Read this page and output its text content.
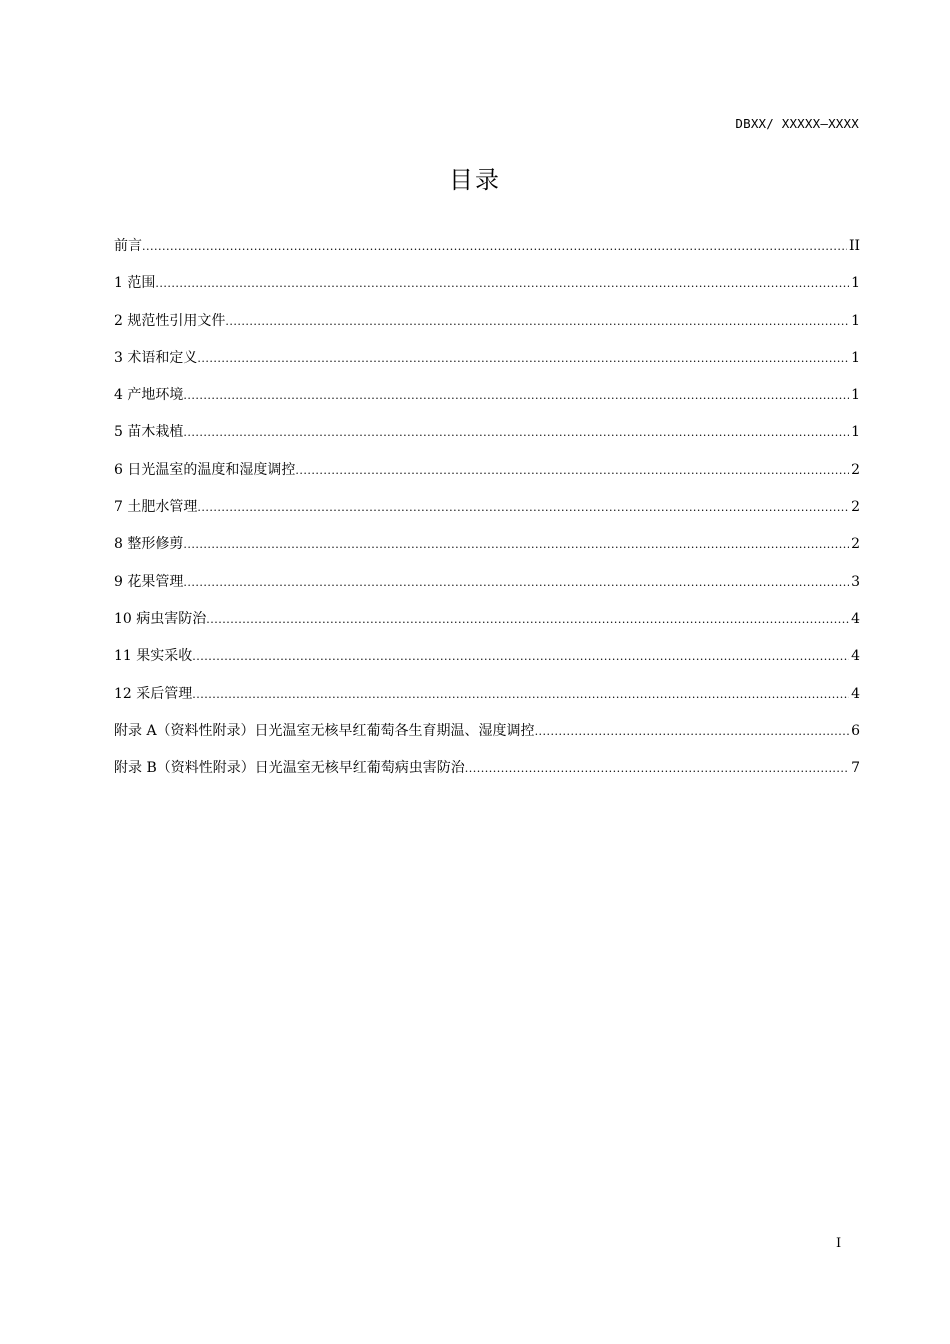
DBXX/ XXXXX—XXXX
目录
前言 .....	II
1 范围 .....	1
2 规范性引用文件 .....	1
3 术语和定义 .....	1
4 产地环境 .....	1
5 苗木栽植 .....	1
6 日光温室的温度和湿度调控 .....	2
7 土肥水管理 .....	2
8 整形修剪 .....	2
9 花果管理 .....	3
10 病虫害防治 .....	4
11 果实采收 .....	4
12 采后管理 .....	4
附录 A（资料性附录）日光温室无核早红葡萄各生育期温、湿度调控 .....	6
附录 B（资料性附录）日光温室无核早红葡萄病虫害防治 .....	7
I
